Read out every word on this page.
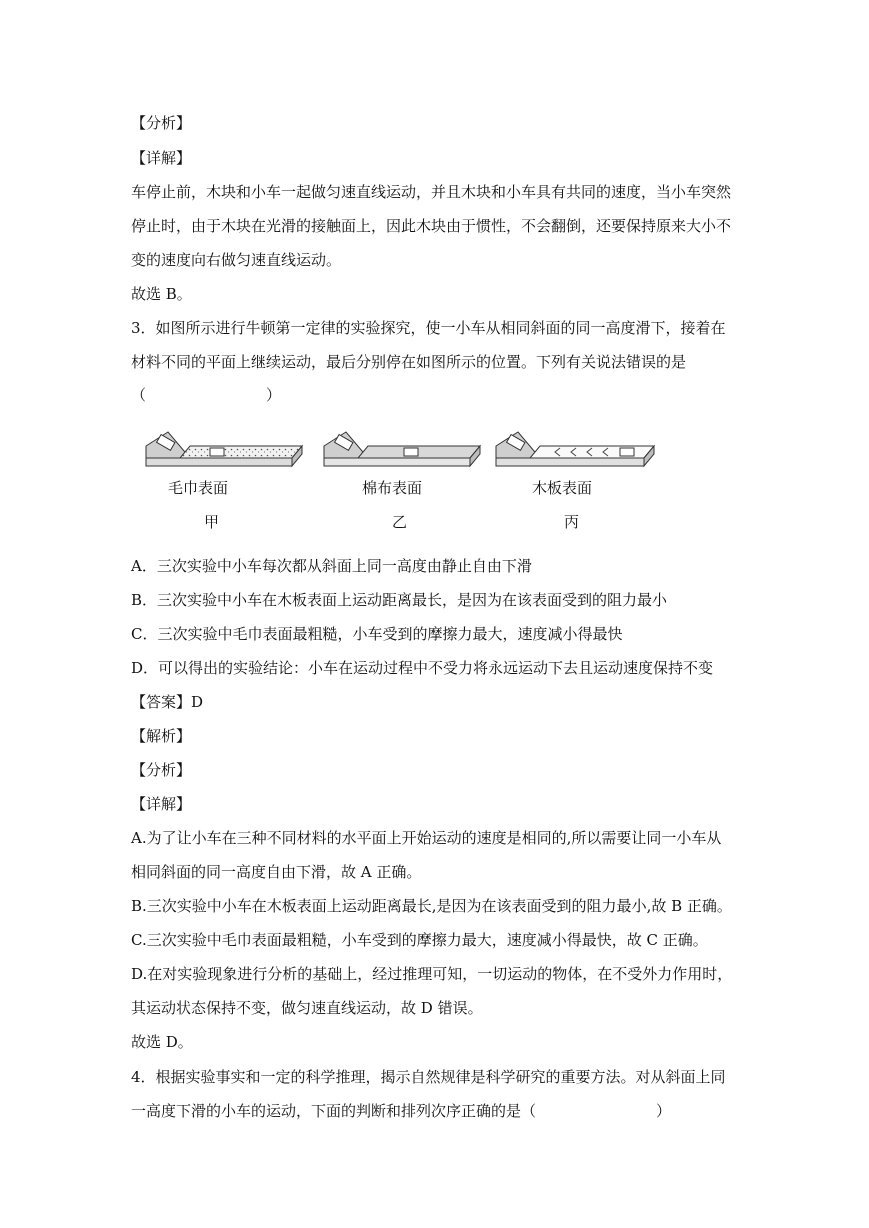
【分析】
【详解】
车停止前，木块和小车一起做匀速直线运动，并且木块和小车具有共同的速度，当小车突然
停止时，由于木块在光滑的接触面上，因此木块由于惯性，不会翻倒，还要保持原来大小不
变的速度向右做匀速直线运动。
故选 B。
3．如图所示进行牛顿第一定律的实验探究，使一小车从相同斜面的同一高度滑下，接着在
材料不同的平面上继续运动，最后分别停在如图所示的位置。下列有关说法错误的是
（　　　　　　　　）
毛巾表面
甲
棉布表面
乙
木板表面
丙
A．三次实验中小车每次都从斜面上同一高度由静止自由下滑
B．三次实验中小车在木板表面上运动距离最长，是因为在该表面受到的阻力最小
C．三次实验中毛巾表面最粗糙，小车受到的摩擦力最大，速度减小得最快
D．可以得出的实验结论：小车在运动过程中不受力将永远运动下去且运动速度保持不变
【答案】D
【解析】
【分析】
【详解】
A.为了让小车在三种不同材料的水平面上开始运动的速度是相同的,所以需要让同一小车从
相同斜面的同一高度自由下滑，故 A 正确。
B.三次实验中小车在木板表面上运动距离最长,是因为在该表面受到的阻力最小,故 B 正确。
C.三次实验中毛巾表面最粗糙，小车受到的摩擦力最大，速度减小得最快，故 C 正确。
D.在对实验现象进行分析的基础上，经过推理可知，一切运动的物体，在不受外力作用时，
其运动状态保持不变，做匀速直线运动，故 D 错误。
故选 D。
4．根据实验事实和一定的科学推理，揭示自然规律是科学研究的重要方法。对从斜面上同
一高度下滑的小车的运动，下面的判断和排列次序正确的是（　　　　　　　　）
